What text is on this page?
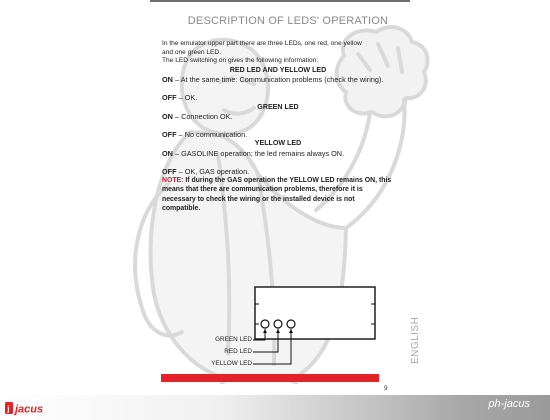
DESCRIPTION OF LEDS' OPERATION

In the emulator upper part there are three LEDs, one red, one yellow
and one green LED.
The LED switching on gives the following information:

RED LED AND YELLOW LED

ON – At the same time: Communication problems (check the wiring).

OFF – OK.

GREEN LED

ON – Connection OK.

OFF – No communication.

YELLOW LED

ON – GASOLINE operation; the led remains always ON.

OFF – OK, GAS operation.

NOTE: If during the GAS operation the YELLOW LED remains ON, this means that there are communication problems, therefore it is necessary to check the wiring or the installed device is not compatible.

GREEN LED
RED LED
YELLOW LED	ENGLISH
9
j jacus	ph-jacus
